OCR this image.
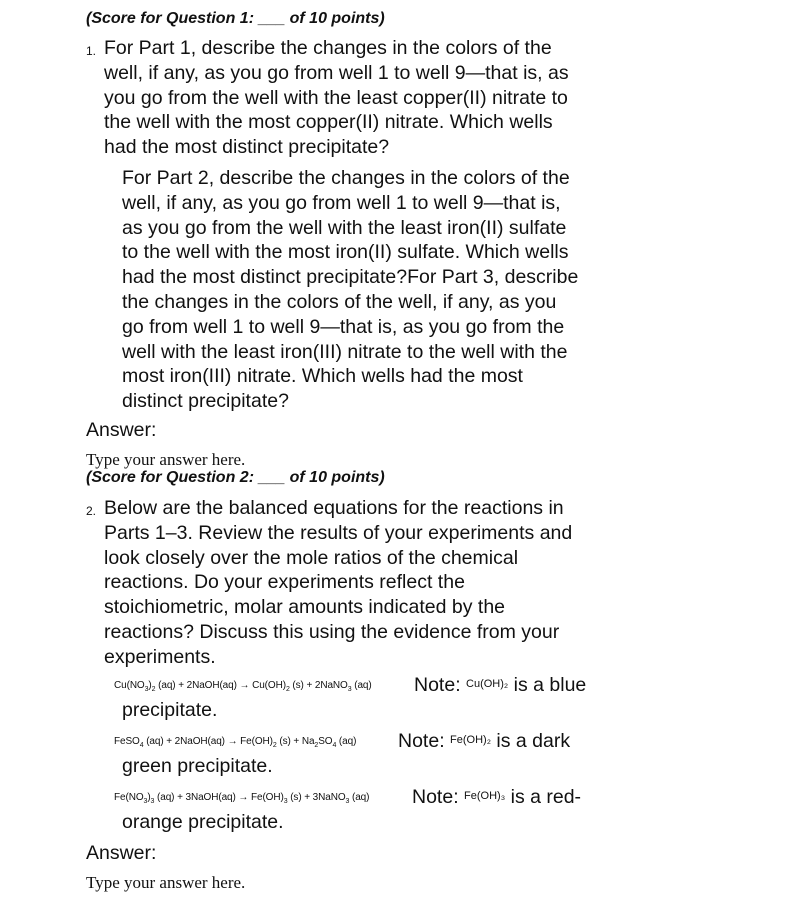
(Score for Question 1: ___ of 10 points)
1. For Part 1, describe the changes in the colors of the
well, if any, as you go from well 1 to well 9—that is, as
you go from the well with the least copper(II) nitrate to
the well with the most copper(II) nitrate. Which wells
had the most distinct precipitate?
For Part 2, describe the changes in the colors of the
well, if any, as you go from well 1 to well 9—that is,
as you go from the well with the least iron(II) sulfate
to the well with the most iron(II) sulfate. Which wells
had the most distinct precipitate?For Part 3, describe
the changes in the colors of the well, if any, as you
go from well 1 to well 9—that is, as you go from the
well with the least iron(III) nitrate to the well with the
most iron(III) nitrate. Which wells had the most
distinct precipitate?
Answer:
Type your answer here.
(Score for Question 2: ___ of 10 points)
2. Below are the balanced equations for the reactions in
Parts 1–3. Review the results of your experiments and
look closely over the mole ratios of the chemical
reactions. Do your experiments reflect the
stoichiometric, molar amounts indicated by the
reactions? Discuss this using the evidence from your
experiments.
$Cu(NO_3)_2$ (aq) + 2NaOH(aq) → $Cu(OH)_2$ (s) + 2NaNO$_3$ (aq) Note: $^{Cu(OH)_2}$ is a blue
precipitate.
FeSO$_4$ (aq) + 2NaOH(aq) → $Fe(OH)_2$ $(s) + Na_2SO_4$ (aq) Note: $^{Fe(OH)_2}$ is a dark
green precipitate.
$Fe(NO_3)_3$ (aq) + 3NaOH(aq) → $Fe(OH)_3$ (s) + 3NaNO$_3$ (aq) Note: $^{Fe(OH)_3}$ is a red-
orange precipitate.
Answer:
Type your answer here.
